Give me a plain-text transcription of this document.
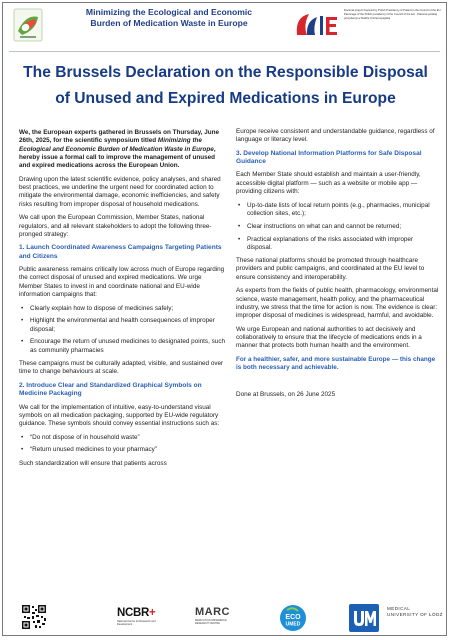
Minimizing the Ecological and Economic
Burden of Medication Waste in Europe
Doctoral project financed by Polish Presidency of Poland in the Council of the EU · Patronage of the Polish presidency of the Council of the EU · Patronat polskiej prezydencji w Radzie Unii Europejskiej
The Brussels Declaration on the Responsible Disposal
of Unused and Expired Medications in Europe

We, the European experts gathered in Brussels on Thursday, June 26th, 2025, for the scientific symposium titled Minimizing the Ecological and Economic Burden of Medication Waste in Europe, hereby issue a formal call to improve the management of unused and expired medications across the European Union.

Drawing upon the latest scientific evidence, policy analyses, and shared best practices, we underline the urgent need for coordinated action to mitigate the environmental damage, economic inefficiencies, and safety risks resulting from improper disposal of household medications.

We call upon the European Commission, Member States, national regulators, and all relevant stakeholders to adopt the following three-pronged strategy:

1. Launch Coordinated Awareness Campaigns Targeting Patients and Citizens

Public awareness remains critically low across much of Europe regarding the correct disposal of unused and expired medications. We urge Member States to invest in and coordinate national and EU-wide information campaigns that:

• Clearly explain how to dispose of medicines safely;
• Highlight the environmental and health consequences of improper disposal;
• Encourage the return of unused medicines to designated points, such as community pharmacies

These campaigns must be culturally adapted, visible, and sustained over time to change behaviours at scale.

2. Introduce Clear and Standardized Graphical Symbols on Medicine Packaging

We call for the implementation of intuitive, easy-to-understand visual symbols on all medication packaging, supported by EU-wide regulatory guidance. These symbols should convey essential instructions such as:

• “Do not dispose of in household waste”
• “Return unused medicines to your pharmacy”

Such standardization will ensure that patients across

Europe receive consistent and understandable guidance, regardless of language or literacy level.

3. Develop National Information Platforms for Safe Disposal Guidance

Each Member State should establish and maintain a user-friendly, accessible digital platform — such as a website or mobile app — providing citizens with:

• Up-to-date lists of local return points (e.g., pharmacies, municipal collection sites, etc.);
• Clear instructions on what can and cannot be returned;
• Practical explanations of the risks associated with improper disposal.

These national platforms should be promoted through healthcare providers and public campaigns, and coordinated at the EU level to ensure consistency and interoperability.

As experts from the fields of public health, pharmacology, environmental science, waste management, health policy, and the pharmaceutical industry, we stress that the time for action is now. The evidence is clear: improper disposal of medicines is widespread, harmful, and avoidable.

We urge European and national authorities to act decisively and collaboratively to ensure that the lifecycle of medications ends in a manner that protects both human health and the environment.

For a healthier, safer, and more sustainable Europe — this change is both necessary and achievable.

Done at Brussels, on 26 June 2025

NCBR+
National Centre for Research and Development
MARC
MEDICATION ADHERENCE RESEARCH CENTRE
ECO
UMED
MEDICAL UNIVERSITY OF ŁÓDŹ
